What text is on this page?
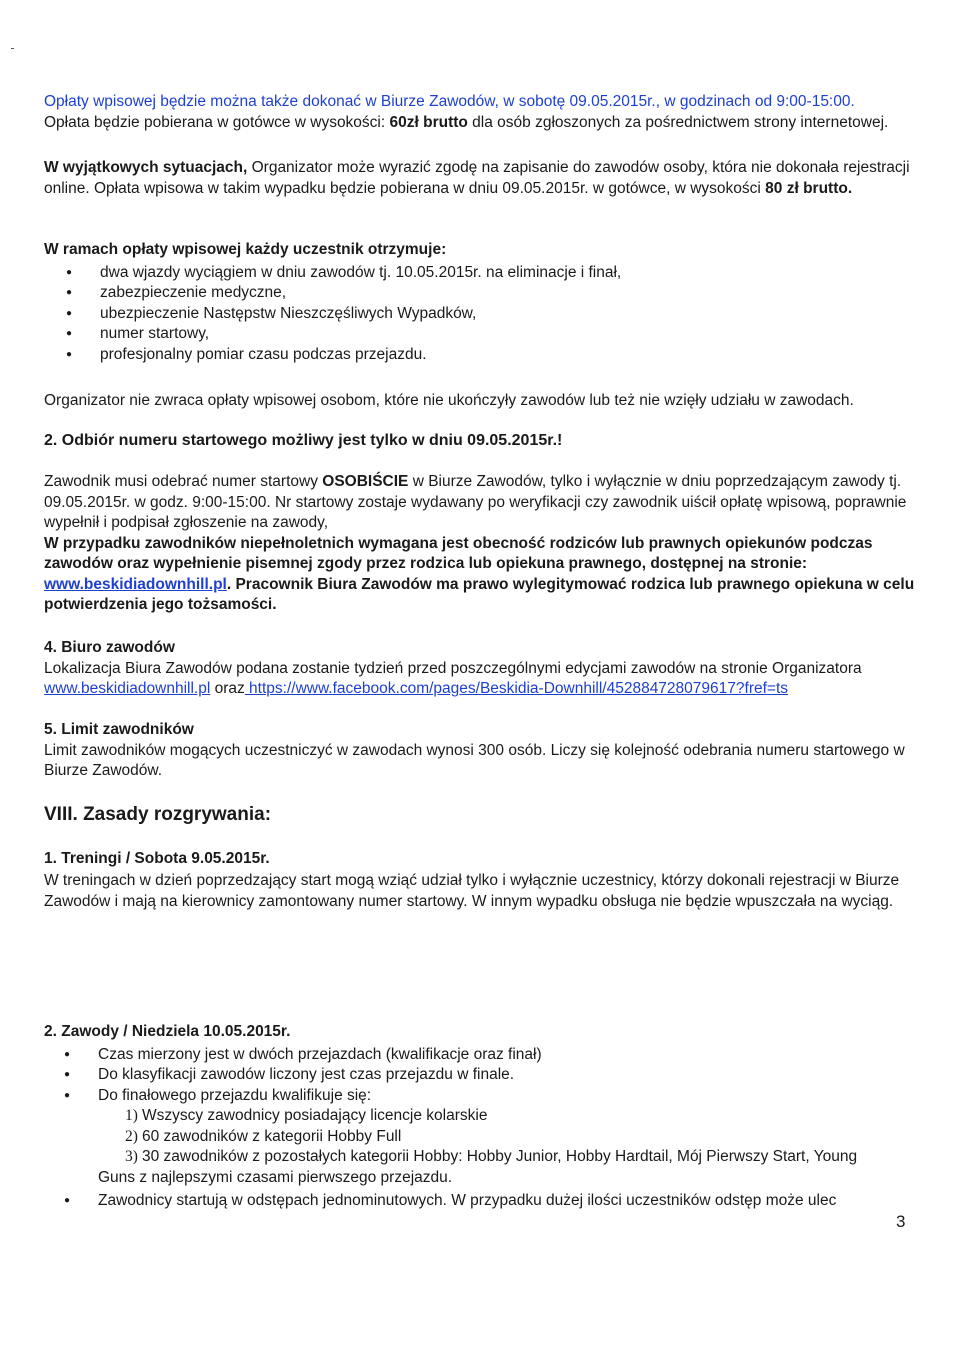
Opłaty wpisowej będzie można także dokonać w Biurze Zawodów, w sobotę 09.05.2015r., w godzinach od 9:00-15:00.
Opłata będzie pobierana w gotówce w wysokości: 60zł brutto dla osób zgłoszonych za pośrednictwem strony internetowej.
W wyjątkowych sytuacjach, Organizator może wyrazić zgodę na zapisanie do zawodów osoby, która nie dokonała rejestracji online. Opłata wpisowa w takim wypadku będzie pobierana w dniu 09.05.2015r. w gotówce, w wysokości 80 zł brutto.
W ramach opłaty wpisowej każdy uczestnik otrzymuje:
● dwa wjazdy wyciągiem w dniu zawodów tj. 10.05.2015r. na eliminacje i finał,
● zabezpieczenie medyczne,
● ubezpieczenie Następstw Nieszczęśliwych Wypadków,
● numer startowy,
● profesjonalny pomiar czasu podczas przejazdu.
Organizator nie zwraca opłaty wpisowej osobom, które nie ukończyły zawodów lub też nie wzięły udziału w zawodach.
2. Odbiór numeru startowego możliwy jest tylko w dniu 09.05.2015r.!
Zawodnik musi odebrać numer startowy OSOBIŚCIE w Biurze Zawodów, tylko i wyłącznie w dniu poprzedzającym zawody tj. 09.05.2015r. w godz. 9:00-15:00. Nr startowy zostaje wydawany po weryfikacji czy zawodnik uiścił opłatę wpisową, poprawnie wypełnił i podpisał zgłoszenie na zawody,
W przypadku zawodników niepełnoletnich wymagana jest obecność rodziców lub prawnych opiekunów podczas zawodów oraz wypełnienie pisemnej zgody przez rodzica lub opiekuna prawnego, dostępnej na stronie: www.beskidiadownhill.pl. Pracownik Biura Zawodów ma prawo wylegitymować rodzica lub prawnego opiekuna w celu potwierdzenia jego tożsamości.
4. Biuro zawodów
Lokalizacja Biura Zawodów podana zostanie tydzień przed poszczególnymi edycjami zawodów na stronie Organizatora www.beskidiadownhill.pl oraz https://www.facebook.com/pages/Beskidia-Downhill/452884728079617?fref=ts
5. Limit zawodników
Limit zawodników mogących uczestniczyć w zawodach wynosi 300 osób. Liczy się kolejność odebrania numeru startowego w Biurze Zawodów.
VIII. Zasady rozgrywania:
1. Treningi / Sobota 9.05.2015r.
W treningach w dzień poprzedzający start mogą wziąć udział tylko i wyłącznie uczestnicy, którzy dokonali rejestracji w Biurze Zawodów i mają na kierownicy zamontowany numer startowy. W innym wypadku obsługa nie będzie wpuszczała na wyciąg.
2. Zawody / Niedziela 10.05.2015r.
● Czas mierzony jest w dwóch przejazdach (kwalifikacje oraz finał)
● Do klasyfikacji zawodów liczony jest czas przejazdu w finale.
● Do finałowego przejazdu kwalifikuje się:
1) Wszyscy zawodnicy posiadający licencje kolarskie
2) 60 zawodników z kategorii Hobby Full
3) 30 zawodników z pozostałych kategorii Hobby: Hobby Junior, Hobby Hardtail, Mój Pierwszy Start, Young
Guns z najlepszymi czasami pierwszego przejazdu.
● Zawodnicy startują w odstępach jednominutowych. W przypadku dużej ilości uczestników odstęp może ulec
3
